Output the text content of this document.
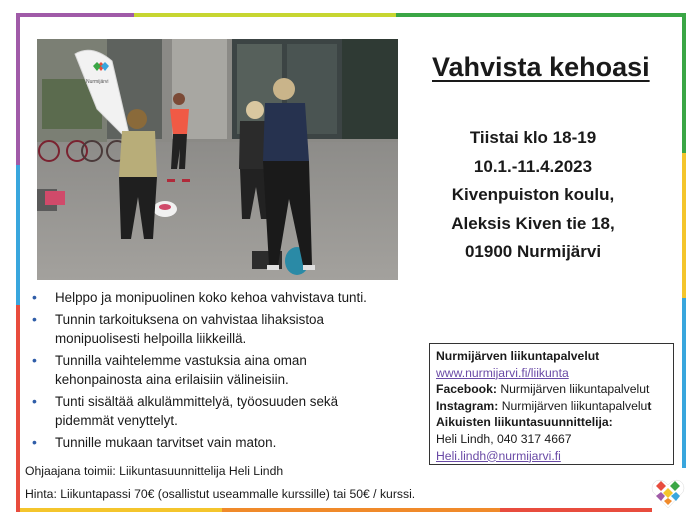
Nurmijärvi	Vahvista kehoasi
Tiistai klo 18-19
10.1.-11.4.2023
Kivenpuiston koulu,
Aleksis Kiven tie 18,
01900 Nurmijärvi
• Helppo ja monipuolinen koko kehoa vahvistava tunti.
• Tunnin tarkoituksena on vahvistaa lihaksistoa monipuolisesti helpoilla liikkeillä.
• Tunnilla vaihtelemme vastuksia aina oman kehonpainosta aina erilaisiin välineisiin.
• Tunti sisältää alkulämmittelyä, työosuuden sekä pidemmät venyttelyt.
• Tunnille mukaan tarvitset vain maton.
Ohjaajana toimii: Liikuntasuunnittelija Heli Lindh
Hinta: Liikuntapassi 70€ (osallistut useammalle kurssille) tai 50€ / kurssi.
Nurmijärven liikuntapalvelut
www.nurmijarvi.fi/liikunta
Facebook: Nurmijärven liikuntapalvelut
Instagram: Nurmijärven liikuntapalvelut
Aikuisten liikuntasuunnittelija:
Heli Lindh, 040 317 4667
Heli.lindh@nurmijarvi.fi
